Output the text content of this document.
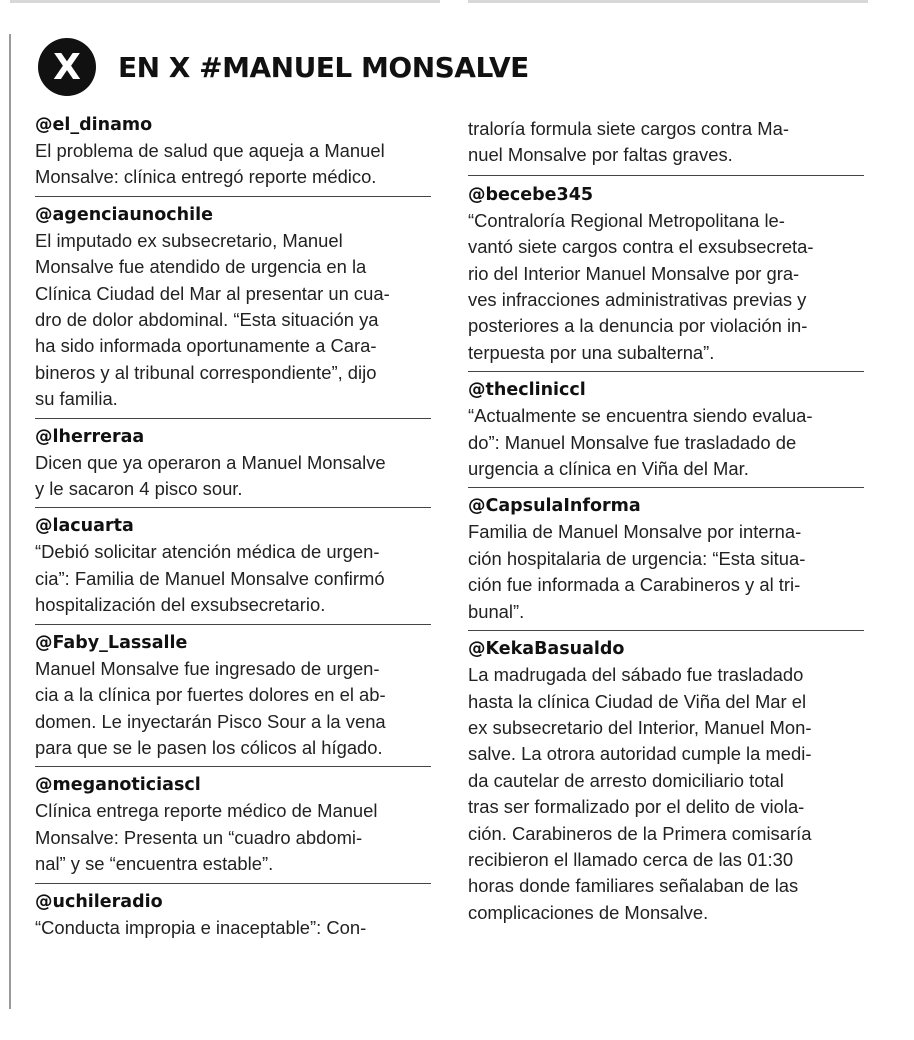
X	EN X #MANUEL MONSALVE
@el_dinamo
El problema de salud que aqueja a Manuel
Monsalve: clínica entregó reporte médico.
@agenciaunochile
El imputado ex subsecretario, Manuel
Monsalve fue atendido de urgencia en la
Clínica Ciudad del Mar al presentar un cua-
dro de dolor abdominal. “Esta situación ya
ha sido informada oportunamente a Cara-
bineros y al tribunal correspondiente”, dijo
su familia.
@lherreraa
Dicen que ya operaron a Manuel Monsalve
y le sacaron 4 pisco sour.
@lacuarta
“Debió solicitar atención médica de urgen-
cia”: Familia de Manuel Monsalve confirmó
hospitalización del exsubsecretario.
@Faby_Lassalle
Manuel Monsalve fue ingresado de urgen-
cia a la clínica por fuertes dolores en el ab-
domen. Le inyectarán Pisco Sour a la vena
para que se le pasen los cólicos al hígado.
@meganoticiascl
Clínica entrega reporte médico de Manuel
Monsalve: Presenta un “cuadro abdomi-
nal” y se “encuentra estable”.
@uchileradio
“Conducta impropia e inaceptable”: Con-
traloría formula siete cargos contra Ma-
nuel Monsalve por faltas graves.
@becebe345
“Contraloría Regional Metropolitana le-
vantó siete cargos contra el exsubsecreta-
rio del Interior Manuel Monsalve por gra-
ves infracciones administrativas previas y
posteriores a la denuncia por violación in-
terpuesta por una subalterna”.
@theclinicc​l
“Actualmente se encuentra siendo evalua-
do”: Manuel Monsalve fue trasladado de
urgencia a clínica en Viña del Mar.
@CapsulaInforma
Familia de Manuel Monsalve por interna-
ción hospitalaria de urgencia: “Esta situa-
ción fue informada a Carabineros y al tri-
bunal”.
@KekaBasualdo
La madrugada del sábado fue trasladado
hasta la clínica Ciudad de Viña del Mar el
ex subsecretario del Interior, Manuel Mon-
salve. La otrora autoridad cumple la medi-
da cautelar de arresto domiciliario total
tras ser formalizado por el delito de viola-
ción. Carabineros de la Primera comisaría
recibieron el llamado cerca de las 01:30
horas donde familiares señalaban de las
complicaciones de Monsalve.
